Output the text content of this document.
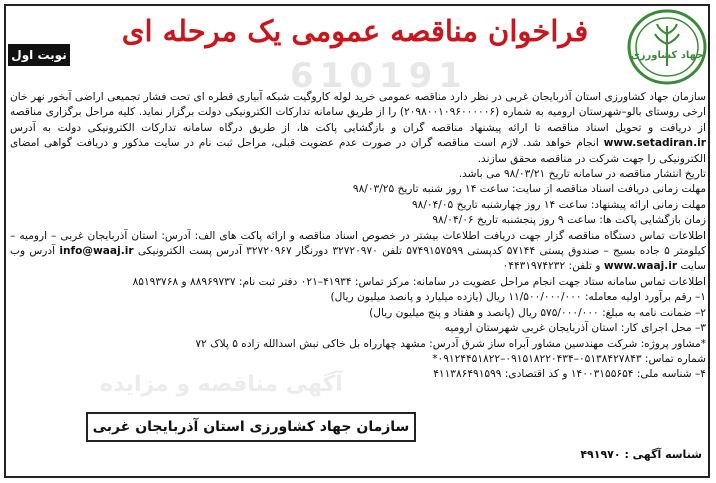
610191
آگهی مناقصه و مزایده
نوبت اول
فراخوان مناقصه عمومی یک مرحله ای
جهاد کشاورزی

سازمان جهاد کشاورزی استان آذربایجان غربی در نظر دارد مناقصه عمومی خرید لوله کاروگیت شبکه آبیاری قطره ای تحت فشار تجمیعی اراضی آبخور نهر خان ارخی روستای بالو–شهرستان ارومیه به شماره (۲۰۹۸۰۰۱۰۹۶۰۰۰۰۰۶) را از طریق سامانه تدارکات الکترونیکی دولت برگزار نماید. کلیه مراحل برگزاری مناقصه از دریافت و تحویل اسناد مناقصه تا ارائه پیشنهاد مناقصه گران و بازگشایی پاکت ها، از طریق درگاه سامانه تدارکات الکترونیکی دولت به آدرس www.setadiran.ir انجام خواهد شد. لازم است مناقصه گران در صورت عدم عضویت قبلی، مراحل ثبت نام در سایت مذکور و دریافت گواهی امضای الکترونیکی را جهت شرکت در مناقصه محقق سازند.

تاریخ انتشار مناقصه در سامانه تاریخ ۹۸/۰۳/۲۱ می باشد.

مهلت زمانی دریافت اسناد مناقصه از سایت: ساعت ۱۴ روز شنبه تاریخ ۹۸/۰۳/۲۵

مهلت زمانی ارائه پیشنهاد: ساعت ۱۴ روز چهارشنبه تاریخ ۹۸/۰۴/۰۵

زمان بازگشایی پاکت ها: ساعت ۹ روز پنجشنبه تاریخ ۹۸/۰۴/۰۶

اطلاعات تماس دستگاه مناقصه گزار جهت دریافت اطلاعات بیشتر در خصوص اسناد مناقصه و ارائه پاکت های الف: آدرس: استان آذربایجان غربی – ارومیه – کیلومتر ۵ جاده بسیج – صندوق پستی ۵۷۱۴۴ کدپستی ۵۷۴۹۱۵۷۵۹۹ تلفن ۳۲۷۲۰۹۷۰ دورنگار ۳۲۷۲۰۹۶۷ آدرس پست الکترونیکی info@waaj.ir آدرس وب سایت www.waaj.ir و تلفن: ۰۴۴۳۱۹۷۴۲۳۲

اطلاعات تماس سامانه ستاد جهت انجام مراحل عضویت در سامانه: مرکز تماس: ۴۱۹۳۴–۰۲۱ دفتر ثبت نام: ۸۸۹۶۹۷۳۷ و ۸۵۱۹۳۷۶۸

۱– رقم برآورد اولیه معامله: ۱۱/۵۰۰/۰۰۰/۰۰۰ ریال (یازده میلیارد و پانصد میلیون ریال)

۲– ضمانت نامه به مبلغ: ۵۷۵/۰۰۰/۰۰۰ ریال (پانصد و هفتاد و پنج میلیون ریال)

۳– محل اجرای کار: استان آذربایجان غربی شهرستان ارومیه

*مشاور پروژه: شرکت مهندسین مشاور آبراه ساز شرق آدرس: مشهد چهارراه بل خاکی نبش اسدالله زاده ۵ پلاک ۷۲

شماره تماس: ۰۵۱۳۸۴۲۷۸۴۳–۰۹۱۵۱۸۲۲۰۴۳۴–۰۹۱۲۴۴۵۱۸۲۲*

۴– شناسه ملی: ۱۴۰۰۳۱۵۵۶۵۴ و کد اقتصادی: ۴۱۱۳۸۶۴۹۱۵۹۹

سازمان جهاد کشاورزی استان آذربایجان غربی
شناسه آگهی : ۴۹۱۹۷۰
